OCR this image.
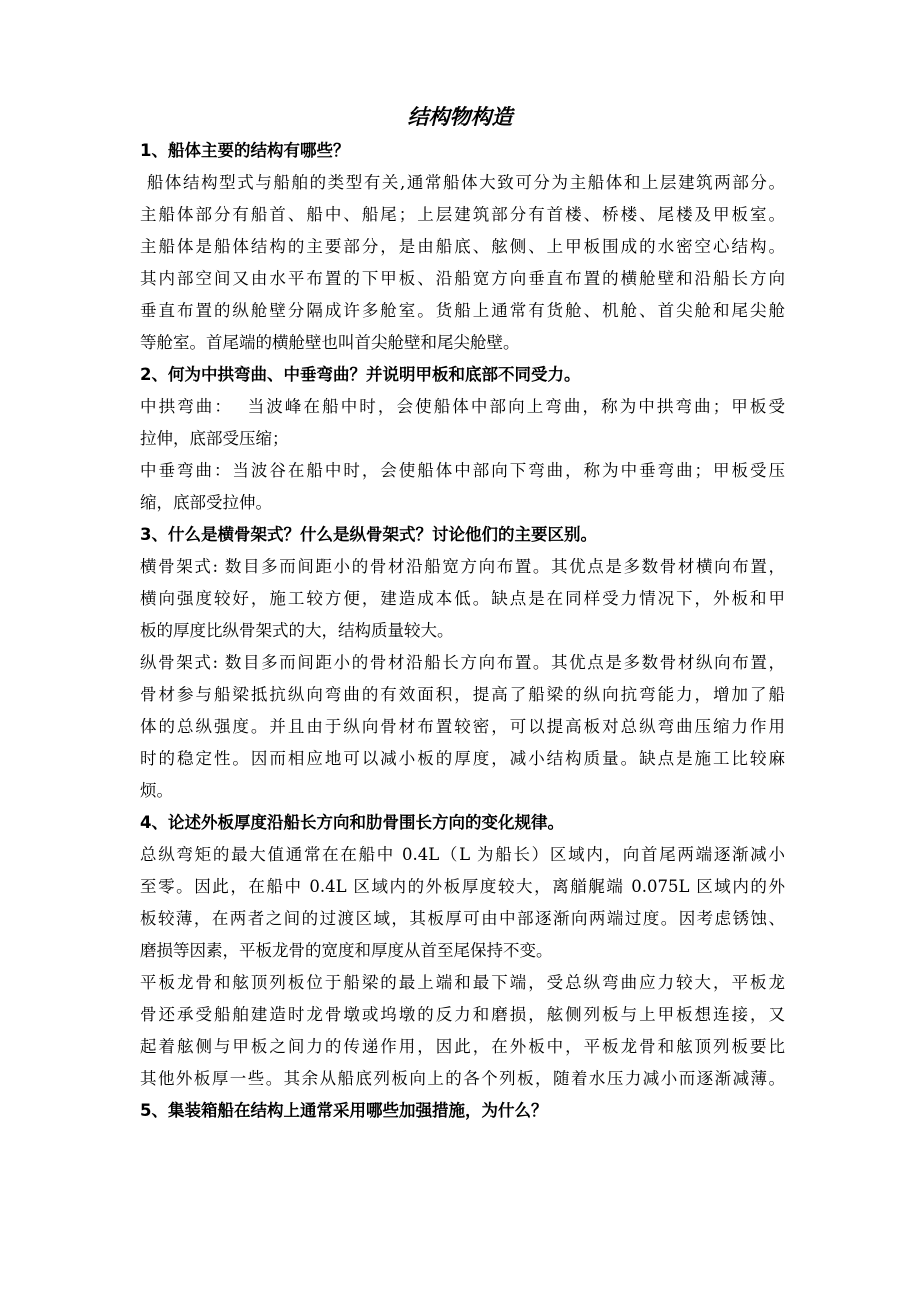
结构物构造
1、船体主要的结构有哪些？
船体结构型式与船舶的类型有关,通常船体大致可分为主船体和上层建筑两部分。
主船体部分有船首、船中、船尾；上层建筑部分有首楼、桥楼、尾楼及甲板室。
主船体是船体结构的主要部分，是由船底、舷侧、上甲板围成的水密空心结构。
其内部空间又由水平布置的下甲板、沿船宽方向垂直布置的横舱壁和沿船长方向
垂直布置的纵舱壁分隔成许多舱室。货船上通常有货舱、机舱、首尖舱和尾尖舱
等舱室。首尾端的横舱壁也叫首尖舱壁和尾尖舱壁。
2、何为中拱弯曲、中垂弯曲？并说明甲板和底部不同受力。
中拱弯曲：  当波峰在船中时，会使船体中部向上弯曲，称为中拱弯曲；甲板受
拉伸，底部受压缩；
中垂弯曲：当波谷在船中时，会使船体中部向下弯曲，称为中垂弯曲；甲板受压
缩，底部受拉伸。
3、什么是横骨架式？什么是纵骨架式？讨论他们的主要区别。
横骨架式: 数目多而间距小的骨材沿船宽方向布置。其优点是多数骨材横向布置，
横向强度较好，施工较方便，建造成本低。缺点是在同样受力情况下，外板和甲
板的厚度比纵骨架式的大，结构质量较大。
纵骨架式: 数目多而间距小的骨材沿船长方向布置。其优点是多数骨材纵向布置，
骨材参与船梁抵抗纵向弯曲的有效面积，提高了船梁的纵向抗弯能力，增加了船
体的总纵强度。并且由于纵向骨材布置较密，可以提高板对总纵弯曲压缩力作用
时的稳定性。因而相应地可以减小板的厚度，减小结构质量。缺点是施工比较麻
烦。
4、论述外板厚度沿船长方向和肋骨围长方向的变化规律。
总纵弯矩的最大值通常在在船中 0.4L（L 为船长）区域内，向首尾两端逐渐减小
至零。因此，在船中 0.4L 区域内的外板厚度较大，离艏艉端 0.075L 区域内的外
板较薄，在两者之间的过渡区域，其板厚可由中部逐渐向两端过度。因考虑锈蚀、
磨损等因素，平板龙骨的宽度和厚度从首至尾保持不变。
平板龙骨和舷顶列板位于船梁的最上端和最下端，受总纵弯曲应力较大，平板龙
骨还承受船舶建造时龙骨墩或坞墩的反力和磨损，舷侧列板与上甲板想连接，又
起着舷侧与甲板之间力的传递作用，因此，在外板中，平板龙骨和舷顶列板要比
其他外板厚一些。其余从船底列板向上的各个列板，随着水压力减小而逐渐减薄。
5、集装箱船在结构上通常采用哪些加强措施，为什么？
